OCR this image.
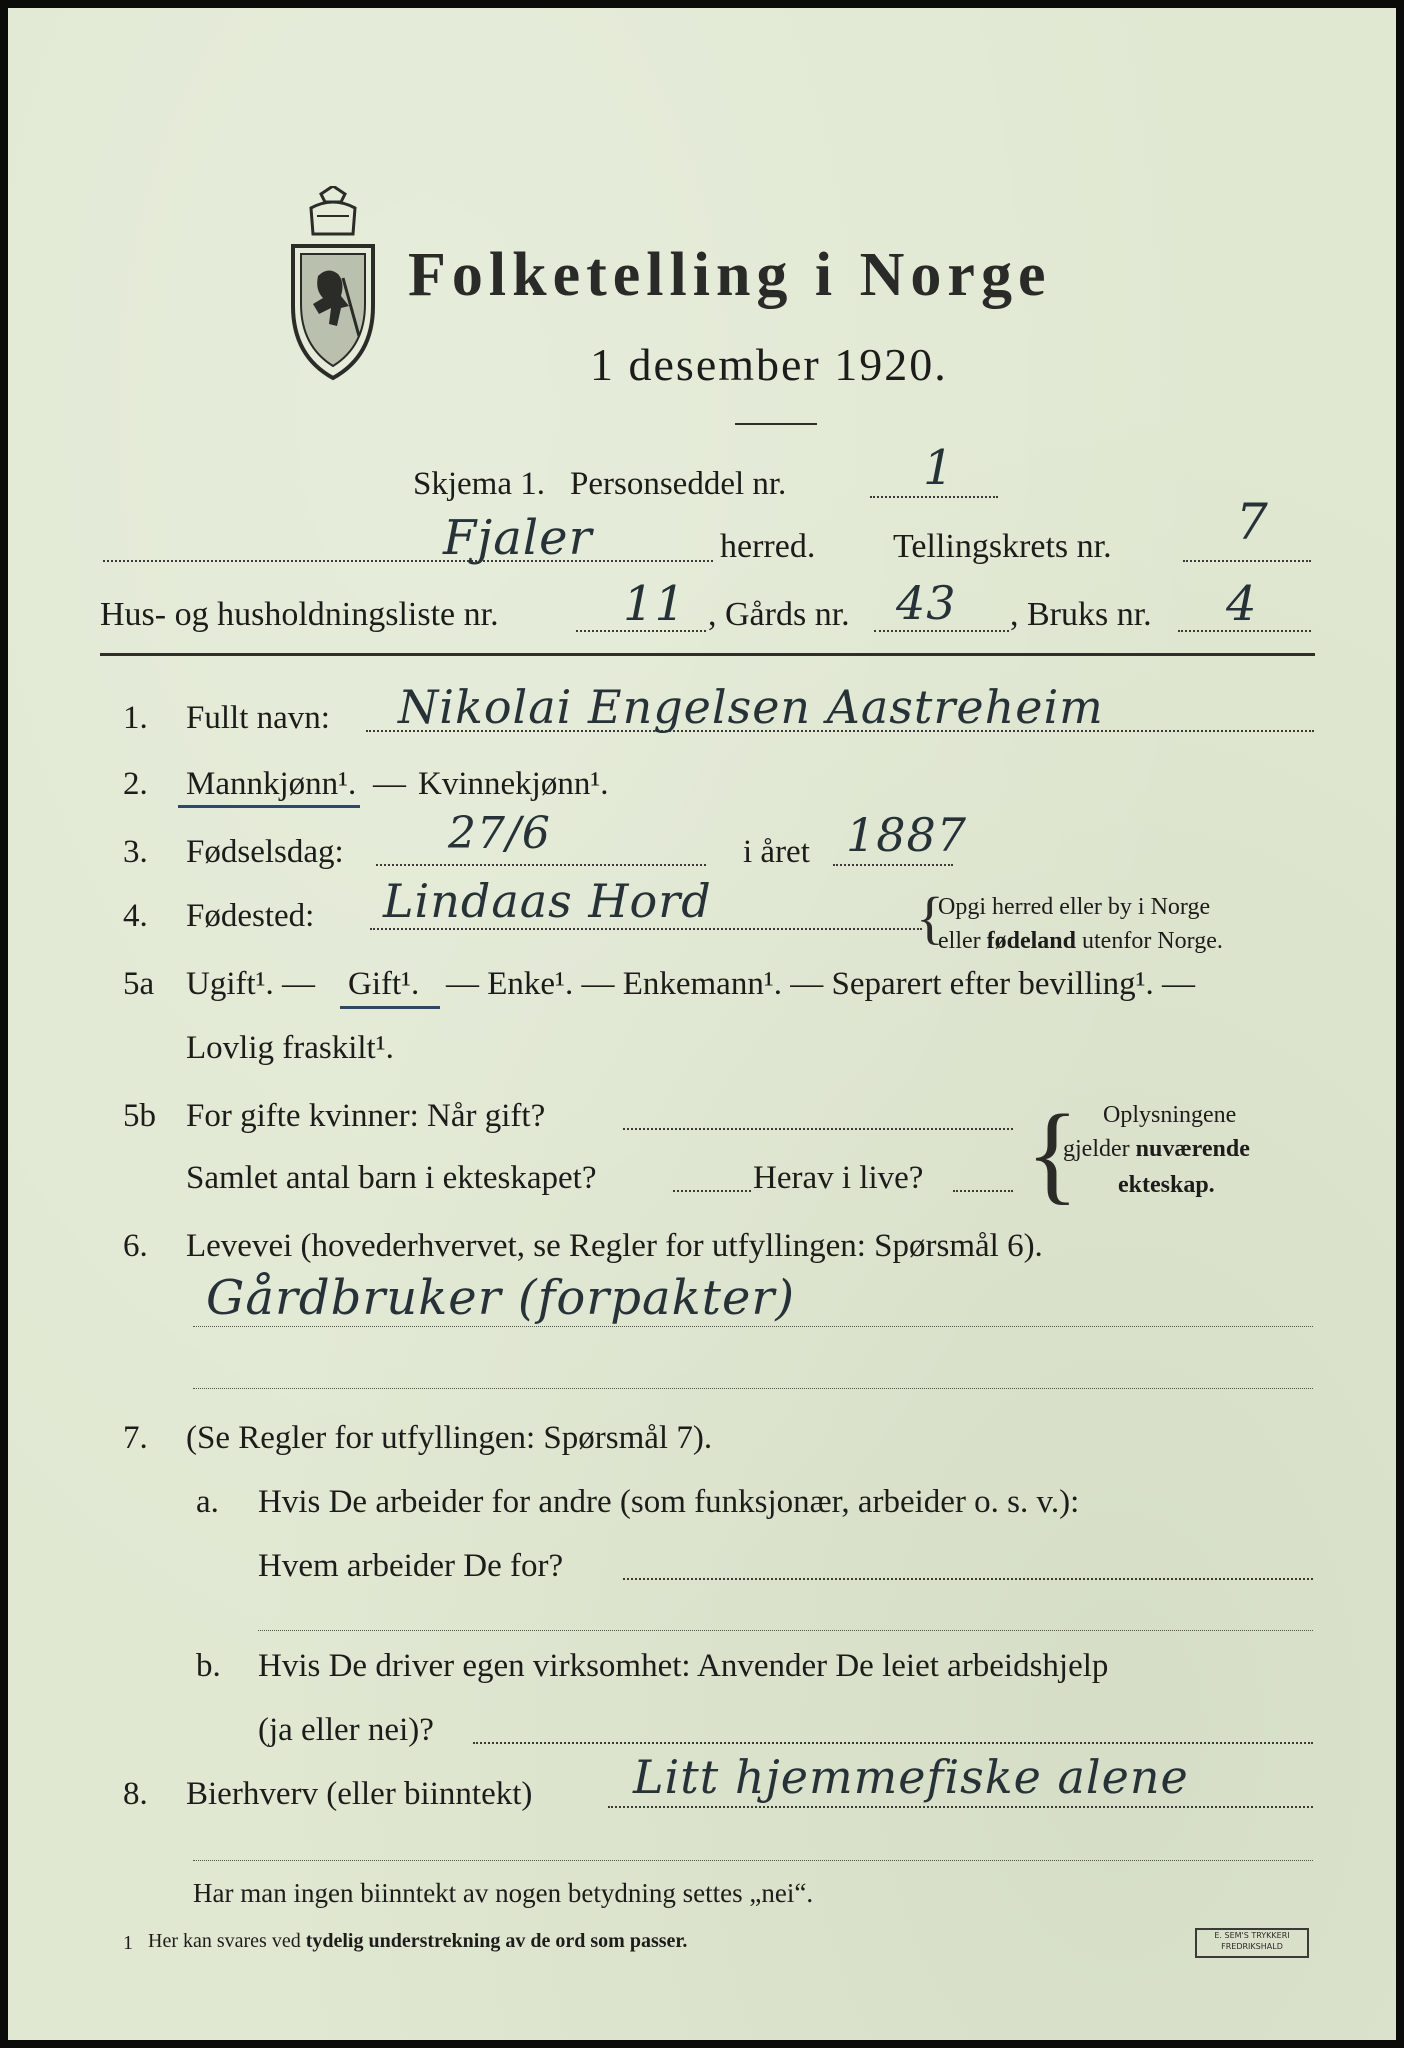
Folketelling i Norge
1 desember 1920.
Skjema 1. Personseddel nr.	1
Fjaler	herred. Tellingskrets nr. 7
Hus- og husholdningsliste nr.	11 , Gårds nr. 43 , Bruks nr. 4
1. Fullt navn: Nikolai Engelsen Aastreheim
2. Mannkjønn¹. — Kvinnekjønn¹.
3. Fødselsdag: 27/6	i året 1887
4. Fødested: Lindaas Hord	{
Opgi herred eller by i Norge
eller fødeland utenfor Norge.
5a Ugift¹. — Gift¹. — Enke¹. — Enkemann¹. — Separert efter bevilling¹. —
Lovlig fraskilt¹.
5b For gifte kvinner: Når gift?
Samlet antal barn i ekteskapet?	Herav i live? { Oplysningene
gjelder nuværende
ekteskap.
6. Levevei (hovederhvervet, se Regler for utfyllingen: Spørsmål 6).
Gårdbruker (forpakter)
7. (Se Regler for utfyllingen: Spørsmål 7).
a. Hvis De arbeider for andre (som funksjonær, arbeider o. s. v.):
Hvem arbeider De for?
b. Hvis De driver egen virksomhet: Anvender De leiet arbeidshjelp
(ja eller nei)?
8. Bierhverv (eller biinntekt) Litt hjemmefiske alene
Har man ingen biinntekt av nogen betydning settes „nei“.
1 Her kan svares ved tydelig understrekning av de ord som passer.	E. SEM'S TRYKKERI
FREDRIKSHALD
